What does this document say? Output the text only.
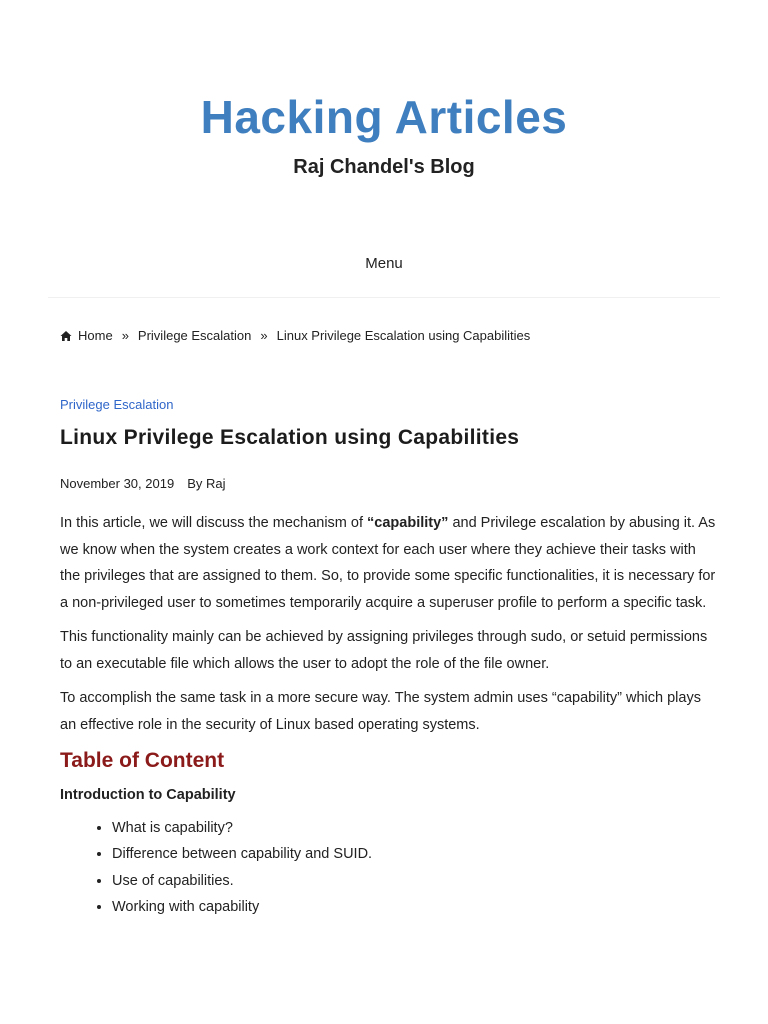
Hacking Articles
Raj Chandel's Blog
Menu
Home » Privilege Escalation » Linux Privilege Escalation using Capabilities
Privilege Escalation
Linux Privilege Escalation using Capabilities
November 30, 2019 By Raj

In this article, we will discuss the mechanism of “capability” and Privilege escalation by abusing it. As we know when the system creates a work context for each user where they achieve their tasks with the privileges that are assigned to them. So, to provide some specific functionalities, it is necessary for a non-privileged user to sometimes temporarily acquire a superuser profile to perform a specific task.

This functionality mainly can be achieved by assigning privileges through sudo, or setuid permissions to an executable file which allows the user to adopt the role of the file owner.

To accomplish the same task in a more secure way. The system admin uses “capability” which plays an effective role in the security of Linux based operating systems.

Table of Content
Introduction to Capability
• What is capability?
• Difference between capability and SUID.
• Use of capabilities.
• Working with capability
